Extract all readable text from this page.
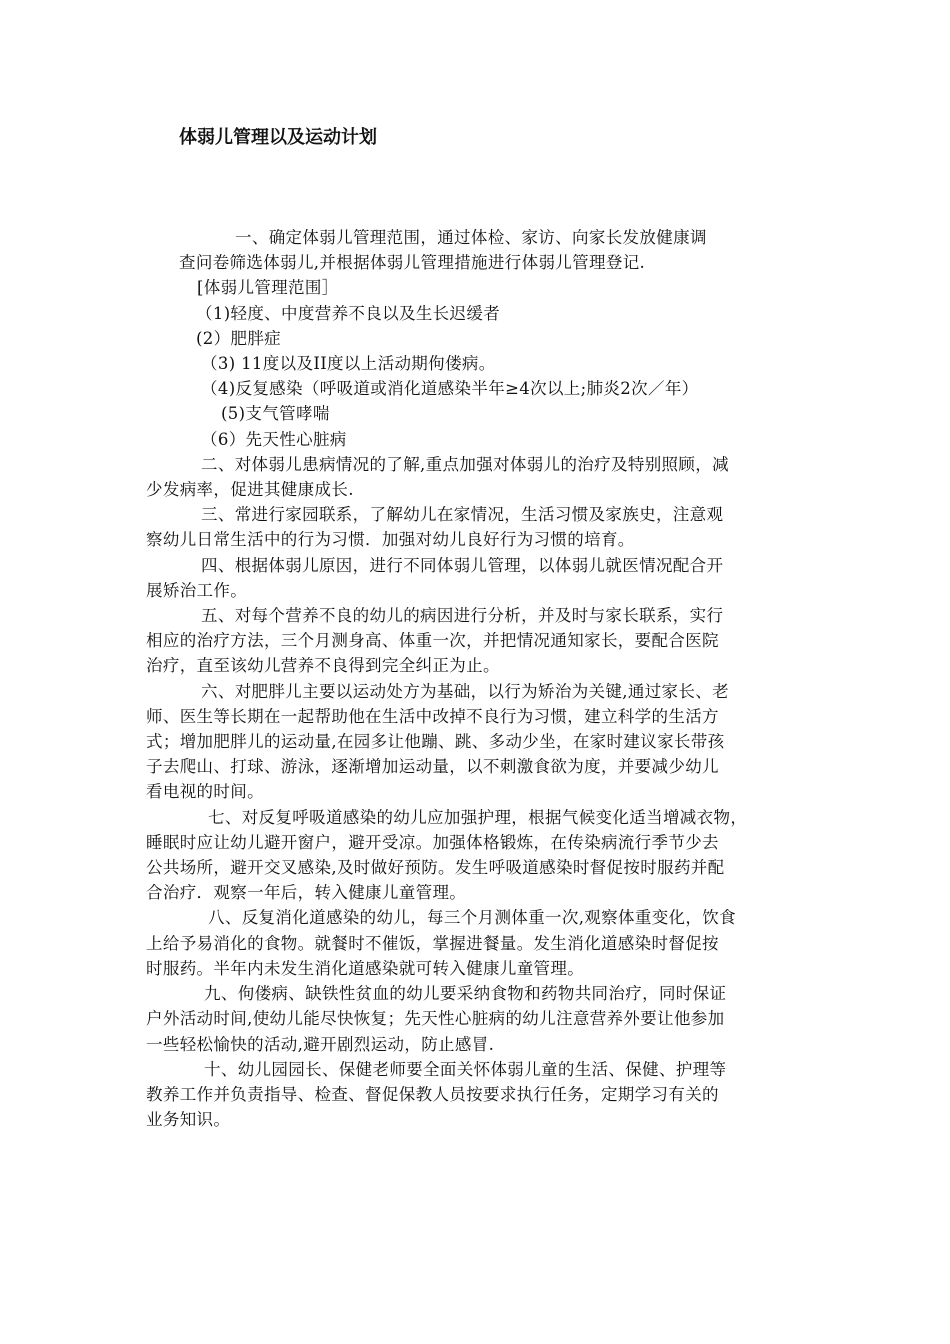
体弱儿管理以及运动计划

一、确定体弱儿管理范围，通过体检、家访、向家长发放健康调

查问卷筛选体弱儿,并根据体弱儿管理措施进行体弱儿管理登记.

[体弱儿管理范围］

（1)轻度、中度营养不良以及生长迟缓者

(2）肥胖症

（3) 11度以及II度以上活动期佝偻病。

（4)反复感染（呼吸道或消化道感染半年≥4次以上;肺炎2次／年）

(5)支气管哮喘

（6）先天性心脏病

二、对体弱儿患病情况的了解,重点加强对体弱儿的治疗及特别照顾，减

少发病率，促进其健康成长.

三、常进行家园联系，了解幼儿在家情况，生活习惯及家族史，注意观

察幼儿日常生活中的行为习惯．加强对幼儿良好行为习惯的培育。

四、根据体弱儿原因，进行不同体弱儿管理，以体弱儿就医情况配合开

展矫治工作。

五、对每个营养不良的幼儿的病因进行分析，并及时与家长联系，实行

相应的治疗方法，三个月测身高、体重一次，并把情况通知家长，要配合医院

治疗，直至该幼儿营养不良得到完全纠正为止。

六、对肥胖儿主要以运动处方为基础，以行为矫治为关键,通过家长、老

师、医生等长期在一起帮助他在生活中改掉不良行为习惯，建立科学的生活方

式；增加肥胖儿的运动量,在园多让他蹦、跳、多动少坐，在家时建议家长带孩

子去爬山、打球、游泳，逐渐增加运动量，以不刺激食欲为度，并要减少幼儿

看电视的时间。

七、对反复呼吸道感染的幼儿应加强护理，根据气候变化适当增减衣物，

睡眠时应让幼儿避开窗户，避开受凉。加强体格锻炼，在传染病流行季节少去

公共场所，避开交叉感染,及时做好预防。发生呼吸道感染时督促按时服药并配

合治疗．观察一年后，转入健康儿童管理。

八、反复消化道感染的幼儿，每三个月测体重一次,观察体重变化，饮食

上给予易消化的食物。就餐时不催饭，掌握进餐量。发生消化道感染时督促按

时服药。半年内未发生消化道感染就可转入健康儿童管理。

九、佝偻病、缺铁性贫血的幼儿要采纳食物和药物共同治疗，同时保证

户外活动时间,使幼儿能尽快恢复；先天性心脏病的幼儿注意营养外要让他参加

一些轻松愉快的活动,避开剧烈运动，防止感冒.

十、幼儿园园长、保健老师要全面关怀体弱儿童的生活、保健、护理等

教养工作并负责指导、检查、督促保教人员按要求执行任务，定期学习有关的

业务知识。
